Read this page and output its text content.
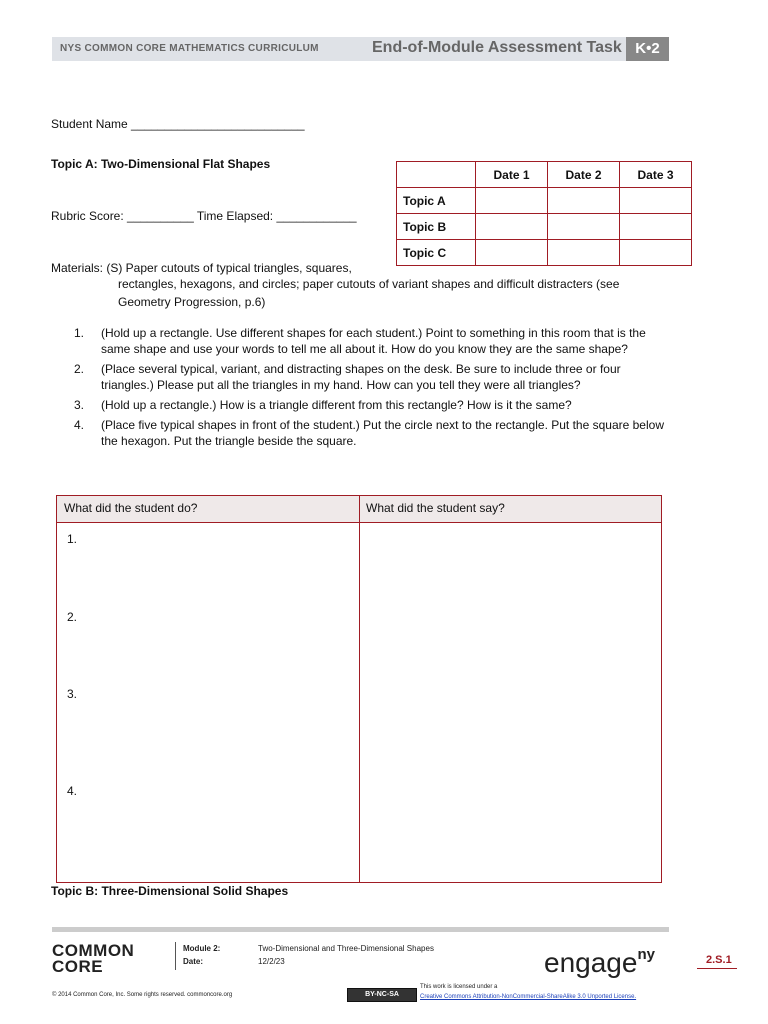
NYS COMMON CORE MATHEMATICS CURRICULUM	End-of-Module Assessment Task K•2
Student Name __________________________
Topic A: Two-Dimensional Flat Shapes
Rubric Score: __________ Time Elapsed: ____________
	Date 1	Date 2	Date 3
Topic A			
Topic B			
Topic C			
Materials: (S) Paper cutouts of typical triangles, squares,
rectangles, hexagons, and circles; paper cutouts of variant shapes and difficult distracters (see
Geometry Progression, p.6)
1. (Hold up a rectangle. Use different shapes for each student.) Point to something in this room that is the same shape and use your words to tell me all about it. How do you know they are the same shape?
2. (Place several typical, variant, and distracting shapes on the desk. Be sure to include three or four triangles.) Please put all the triangles in my hand. How can you tell they were all triangles?
3. (Hold up a rectangle.) How is a triangle different from this rectangle? How is it the same?
4. (Place five typical shapes in front of the student.) Put the circle next to the rectangle. Put the square below the hexagon. Put the triangle beside the square.
What did the student do?	What did the student say?
1.
2.
3.
4.
Topic B: Three-Dimensional Solid Shapes
COMMON
CORE
Module 2:
Date:
Two-Dimensional and Three-Dimensional Shapes
12/2/23	engage$^{ny}$	2.S.1
© 2014 Common Core, Inc. Some rights reserved. commoncore.org	BY-NC-SA
This work is licensed under a
Creative Commons Attribution-NonCommercial-ShareAlike 3.0 Unported License.
